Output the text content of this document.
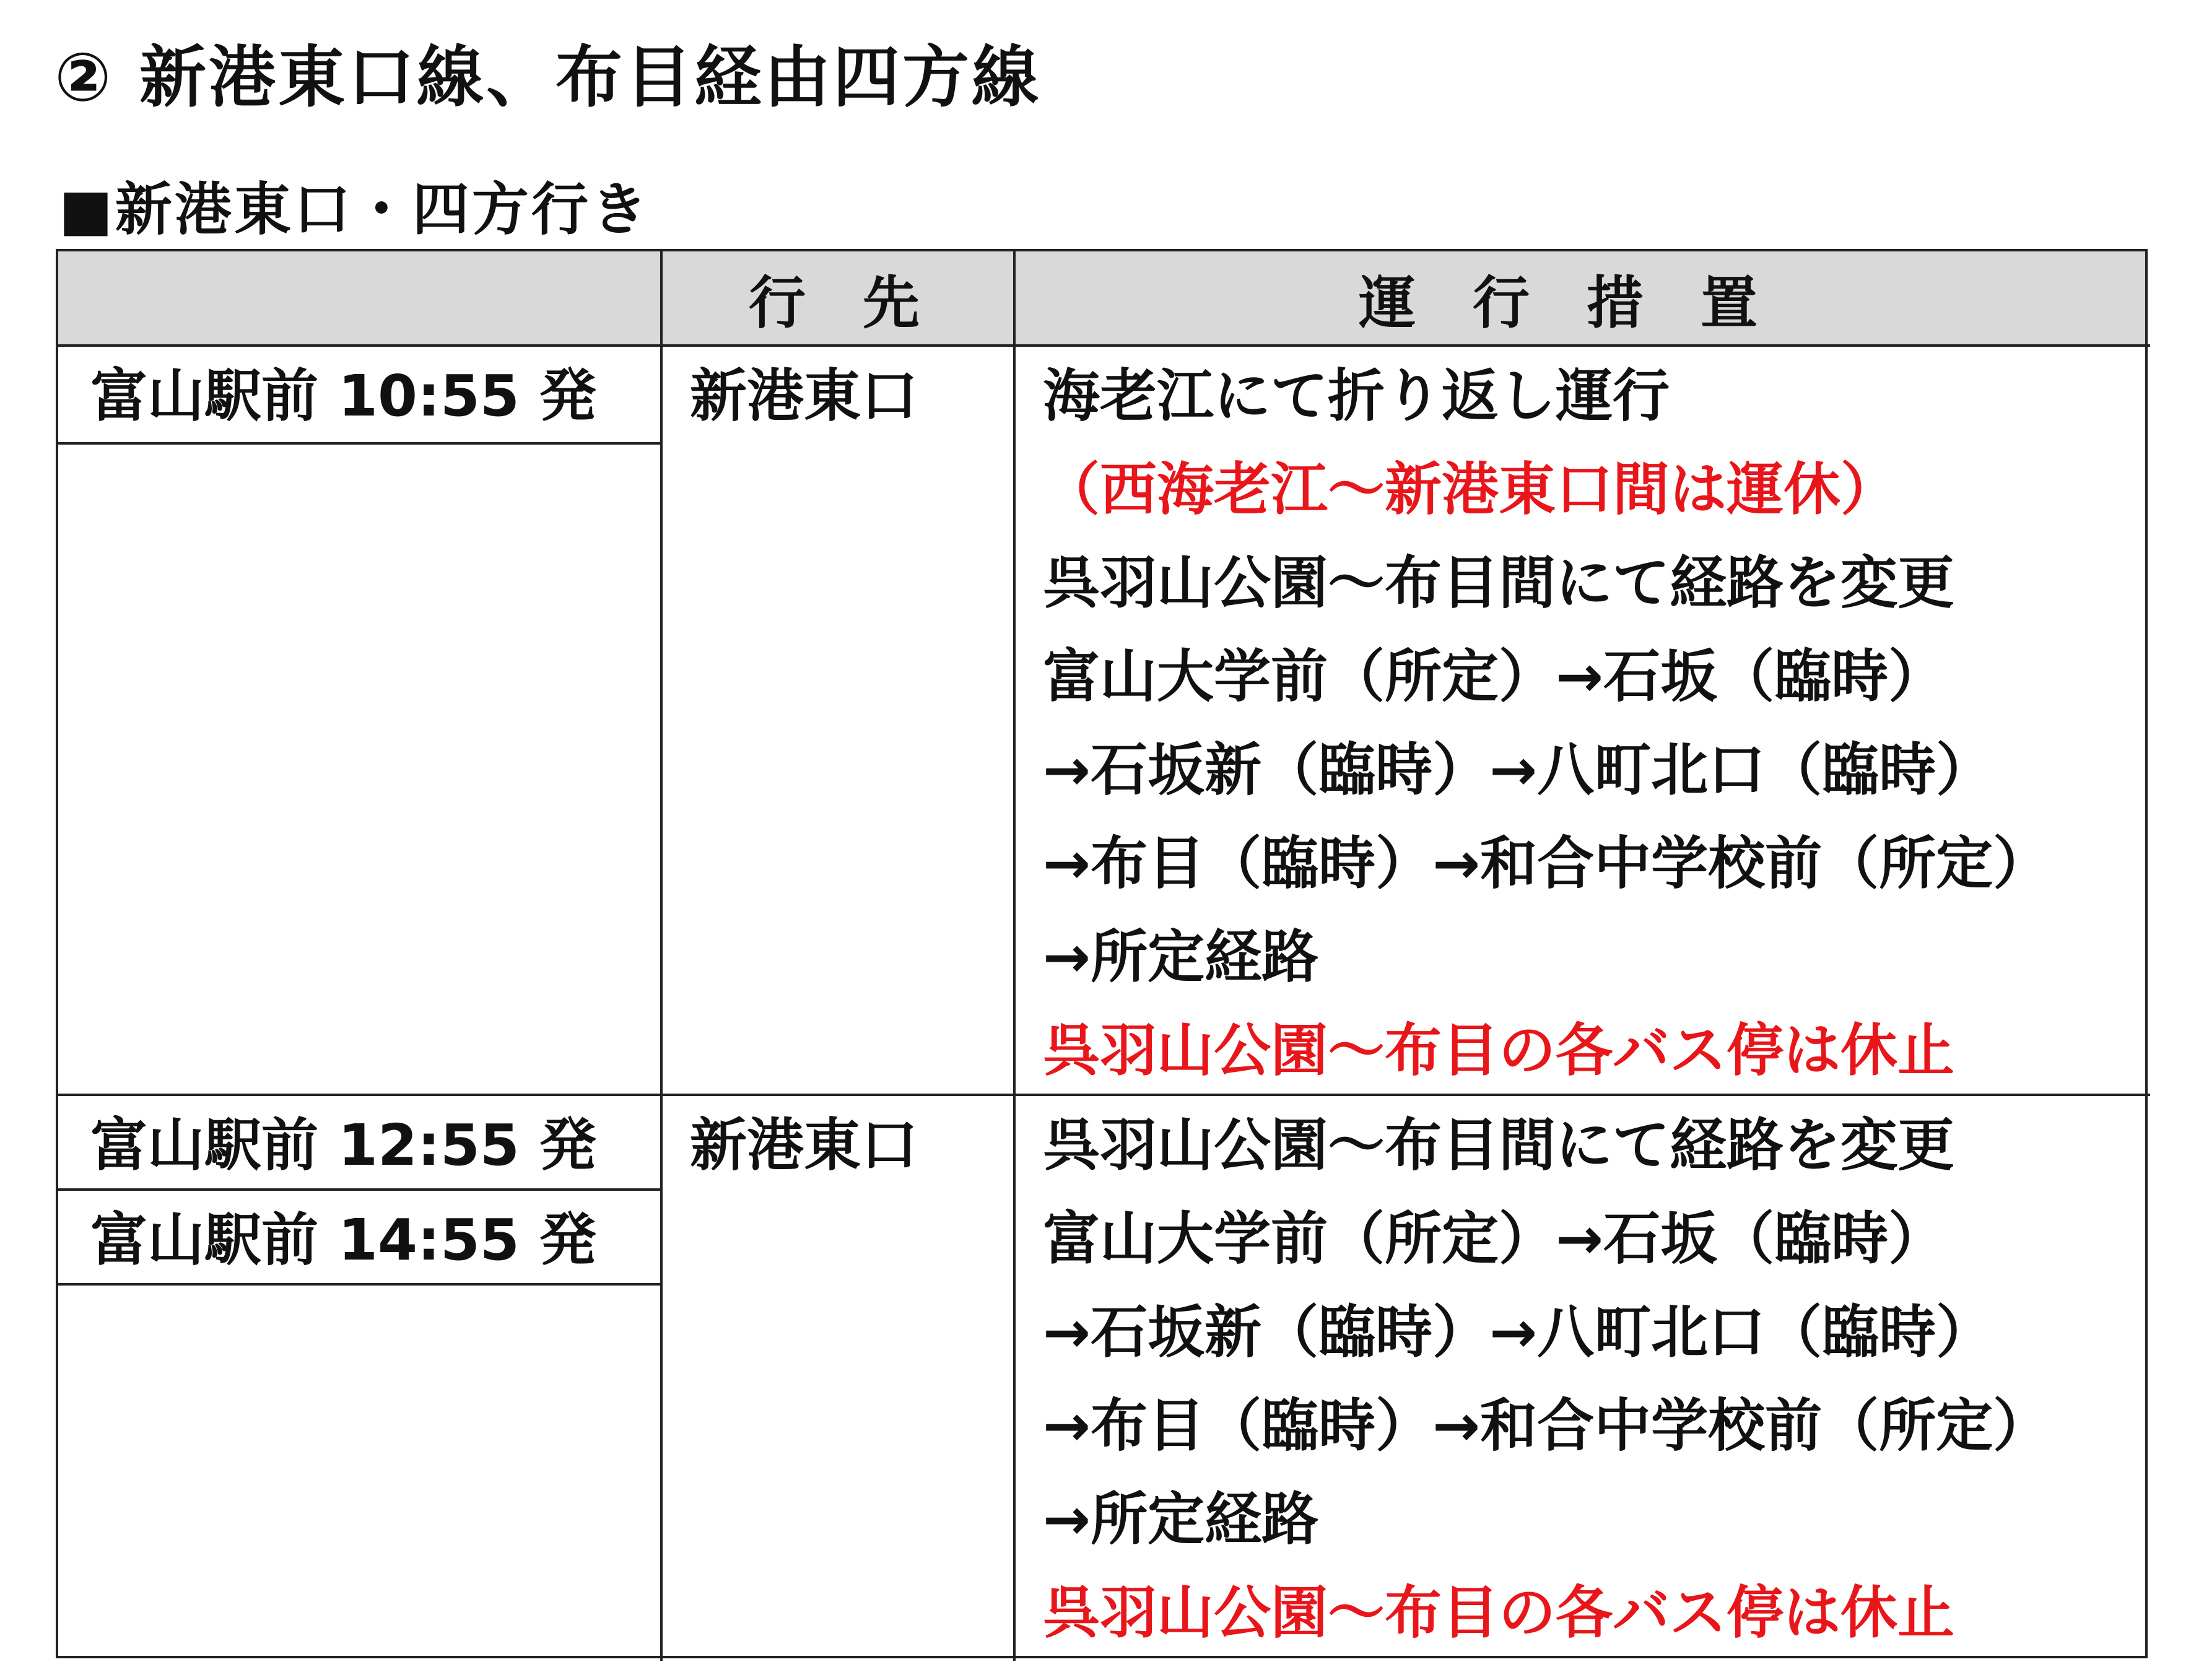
② 新港東口線、布目経由四方線
■新港東口・四方行き
行　先	運　行　措　置
富山駅前 10:55 発 新港東口 海老江にて折り返し運行
（西海老江～新港東口間は運休）
呉羽山公園～布目間にて経路を変更
富山大学前（所定）→石坂（臨時）
→石坂新（臨時）→八町北口（臨時）
→布目（臨時）→和合中学校前（所定）
→所定経路
呉羽山公園～布目の各バス停は休止
富山駅前 12:55 発
富山駅前 14:55 発
新港東口 呉羽山公園～布目間にて経路を変更
富山大学前（所定）→石坂（臨時）
→石坂新（臨時）→八町北口（臨時）
→布目（臨時）→和合中学校前（所定）
→所定経路
呉羽山公園～布目の各バス停は休止
